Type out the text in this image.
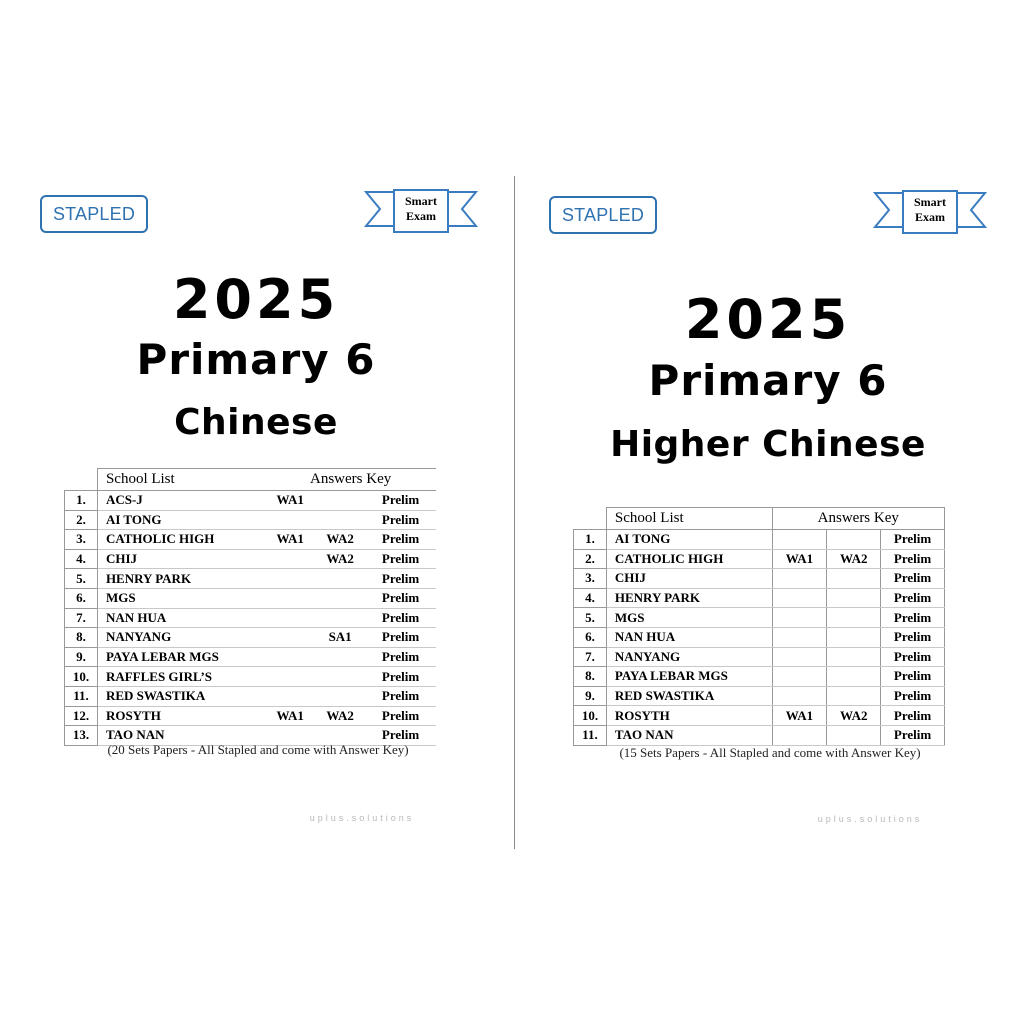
STAPLED
Smart
Exam
2025
Primary 6
Chinese
	School List	Answers Key		
1.	ACS-J	WA1		Prelim
2.	AI TONG			Prelim
3.	CATHOLIC HIGH	WA1	WA2	Prelim
4.	CHIJ		WA2	Prelim
5.	HENRY PARK			Prelim
6.	MGS			Prelim
7.	NAN HUA			Prelim
8.	NANYANG		SA1	Prelim
9.	PAYA LEBAR MGS			Prelim
10.	RAFFLES GIRL’S			Prelim
11.	RED SWASTIKA			Prelim
12.	ROSYTH	WA1	WA2	Prelim
13.	TAO NAN			Prelim
(20 Sets Papers - All Stapled and come with Answer Key)
uplus.solutions
STAPLED
Smart
Exam
2025
Primary 6
Higher Chinese
	School List	Answers Key		
1.	AI TONG			Prelim
2.	CATHOLIC HIGH	WA1	WA2	Prelim
3.	CHIJ			Prelim
4.	HENRY PARK			Prelim
5.	MGS			Prelim
6.	NAN HUA			Prelim
7.	NANYANG			Prelim
8.	PAYA LEBAR MGS			Prelim
9.	RED SWASTIKA			Prelim
10.	ROSYTH	WA1	WA2	Prelim
11.	TAO NAN			Prelim
(15 Sets Papers - All Stapled and come with Answer Key)
uplus.solutions
